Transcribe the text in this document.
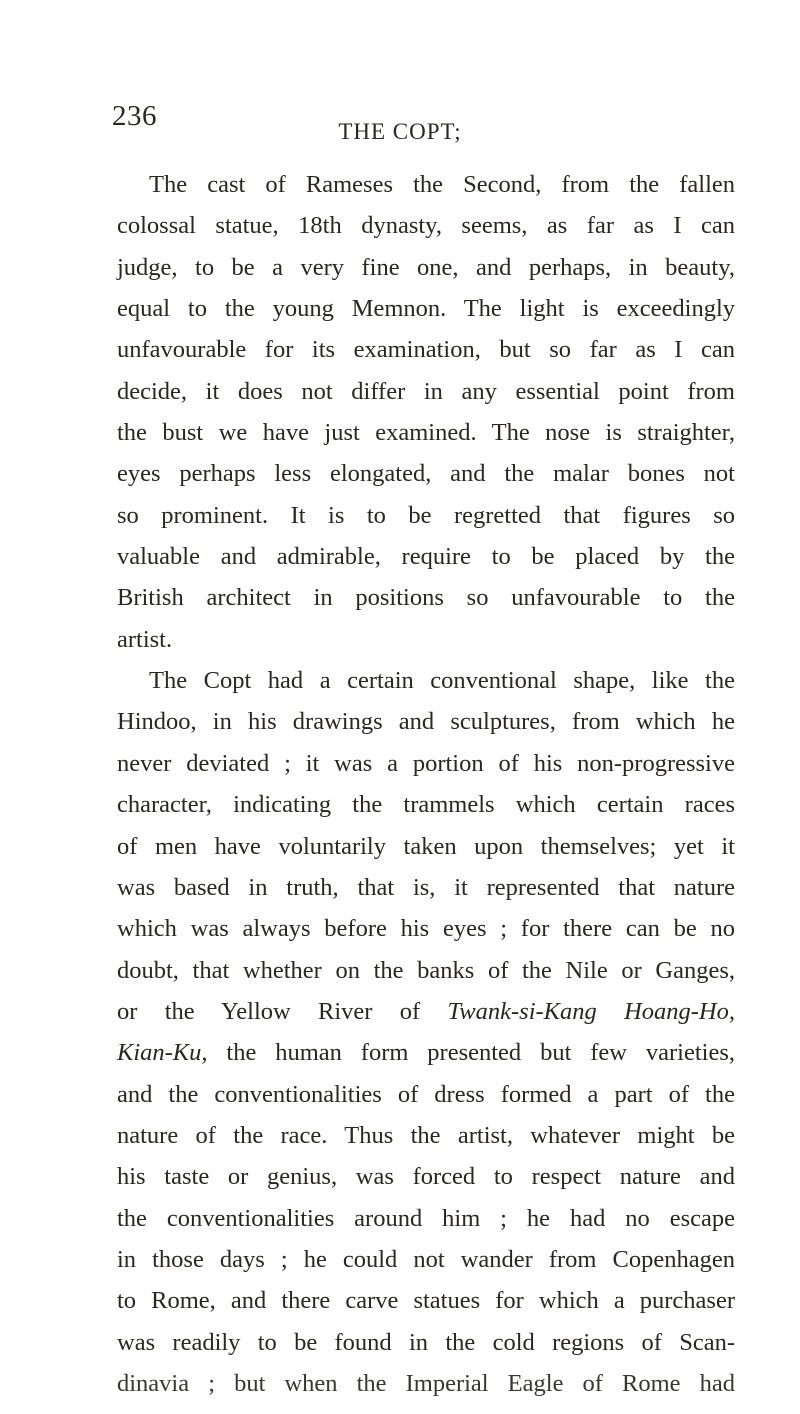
236	THE COPT;
The cast of Rameses the Second, from the fallen
colossal statue, 18th dynasty, seems, as far as I can
judge, to be a very fine one, and perhaps, in beauty,
equal to the young Memnon. The light is exceedingly
unfavourable for its examination, but so far as I can
decide, it does not differ in any essential point from
the bust we have just examined. The nose is straighter,
eyes perhaps less elongated, and the malar bones not
so prominent. It is to be regretted that figures so
valuable and admirable, require to be placed by the
British architect in positions so unfavourable to the
artist.
The Copt had a certain conventional shape, like the
Hindoo, in his drawings and sculptures, from which he
never deviated ; it was a portion of his non-progressive
character, indicating the trammels which certain races
of men have voluntarily taken upon themselves; yet it
was based in truth, that is, it represented that nature
which was always before his eyes ; for there can be no
doubt, that whether on the banks of the Nile or Ganges,
or the Yellow River of Twank-si-Kang Hoang-Ho,
Kian-Ku, the human form presented but few varieties,
and the conventionalities of dress formed a part of the
nature of the race. Thus the artist, whatever might be
his taste or genius, was forced to respect nature and
the conventionalities around him ; he had no escape
in those days ; he could not wander from Copenhagen
to Rome, and there carve statues for which a purchaser
was readily to be found in the cold regions of Scan-
dinavia ; but when the Imperial Eagle of Rome had
